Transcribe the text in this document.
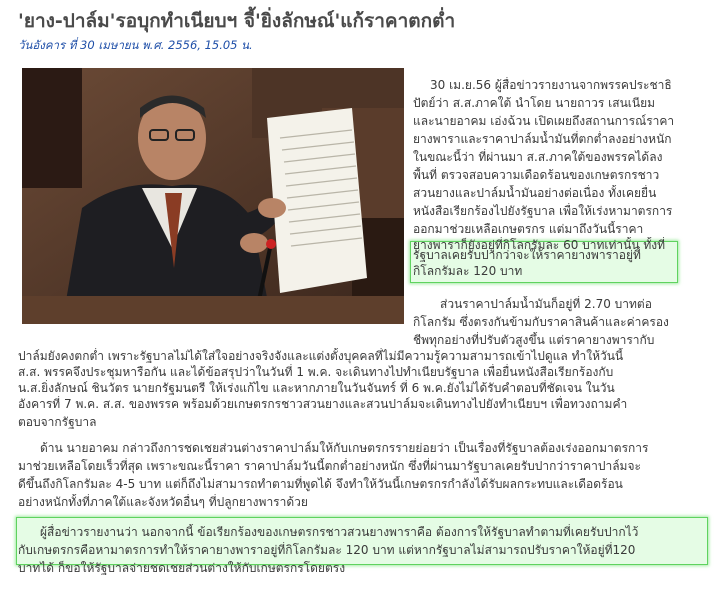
'ยาง-ปาล์ม'รอบุกทำเนียบฯ จี้'ยิ่งลักษณ์'แก้ราคาตกต่ำ
วันอังคาร ที่ 30 เมษายน พ.ศ. 2556, 15.05 น.
30 เม.ย.56 ผู้สื่อข่าวรายงานจากพรรคประชาธิ
ปัตย์ว่า ส.ส.ภาคใต้ นำโดย นายถาวร เสนเนียม
และนายอาคม เอ่งฉ้วน เปิดเผยถึงสถานการณ์ราคา
ยางพาราและราคาปาล์มน้ำมันที่ตกต่ำลงอย่างหนัก
ในขณะนี้ว่า ที่ผ่านมา ส.ส.ภาคใต้ของพรรคได้ลง
พื้นที่ ตรวจสอบความเดือดร้อนของเกษตรกรชาว
สวนยางและปาล์มน้ำมันอย่างต่อเนื่อง ทั้งเคยยื่น
หนังสือเรียกร้องไปยังรัฐบาล เพื่อให้เร่งหามาตรการ
ออกมาช่วยเหลือเกษตรกร แต่มาถึงวันนี้ราคา
ยางพาราก็ยังอยู่ที่กิโลกรัมละ 60 บาทเท่านั้น ทั้งที่
รัฐบาลเคยรับปากว่าจะให้ราคายางพาราอยู่ที่
กิโลกรัมละ 120 บาท
ส่วนราคาปาล์มน้ำมันก็อยู่ที่ 2.70 บาทต่อ
กิโลกรัม ซึ่งตรงกันข้ามกับราคาสินค้าและค่าครอง
ชีพทุกอย่างที่ปรับตัวสูงขึ้น แต่ราคายางพารากับ
ปาล์มยังคงตกต่ำ เพราะรัฐบาลไม่ได้ใส่ใจอย่างจริงจังและแต่งตั้งบุคคลที่ไม่มีความรู้ความสามารถเข้าไปดูแล ทำให้วันนี้
ส.ส. พรรคจึงประชุมหารือกัน และได้ข้อสรุปว่าในวันที่ 1 พ.ค. จะเดินทางไปทำเนียบรัฐบาล เพื่อยื่นหนังสือเรียกร้องกับ
น.ส.ยิ่งลักษณ์ ชินวัตร นายกรัฐมนตรี ให้เร่งแก้ไข และหากภายในวันจันทร์ ที่ 6 พ.ค.ยังไม่ได้รับคำตอบที่ชัดเจน ในวัน
อังคารที่ 7 พ.ค. ส.ส. ของพรรค พร้อมด้วยเกษตรกรชาวสวนยางและสวนปาล์มจะเดินทางไปยังทำเนียบฯ เพื่อทวงถามคำ
ตอบจากรัฐบาล
ด้าน นายอาคม กล่าวถึงการชดเชยส่วนต่างราคาปาล์มให้กับเกษตรกรรายย่อยว่า เป็นเรื่องที่รัฐบาลต้องเร่งออกมาตรการ
มาช่วยเหลือโดยเร็วที่สุด เพราะขณะนี้ราคา ราคาปาล์มวันนี้ตกต่ำอย่างหนัก ซึ่งที่ผ่านมารัฐบาลเคยรับปากว่าราคาปาล์มจะ
ดีขึ้นถึงกิโลกรัมละ 4-5 บาท แต่ก็ถึงไม่สามารถทำตามที่พูดได้ จึงทำให้วันนี้เกษตรกรกำลังได้รับผลกระทบและเดือดร้อน
อย่างหนักทั้งที่ภาคใต้และจังหวัดอื่นๆ ที่ปลูกยางพาราด้วย
ผู้สื่อข่าวรายงานว่า นอกจากนี้ ข้อเรียกร้องของเกษตรกรชาวสวนยางพาราคือ ต้องการให้รัฐบาลทำตามที่เคยรับปากไว้
กับเกษตรกรคือหามาตรการทำให้ราคายางพาราอยู่ที่กิโลกรัมละ 120 บาท แต่หากรัฐบาลไม่สามารถปรับราคาให้อยู่ที่120
บาทได้ ก็ขอให้รัฐบาลจ่ายชดเชยส่วนต่างให้กับเกษตรกรโดยตรง
